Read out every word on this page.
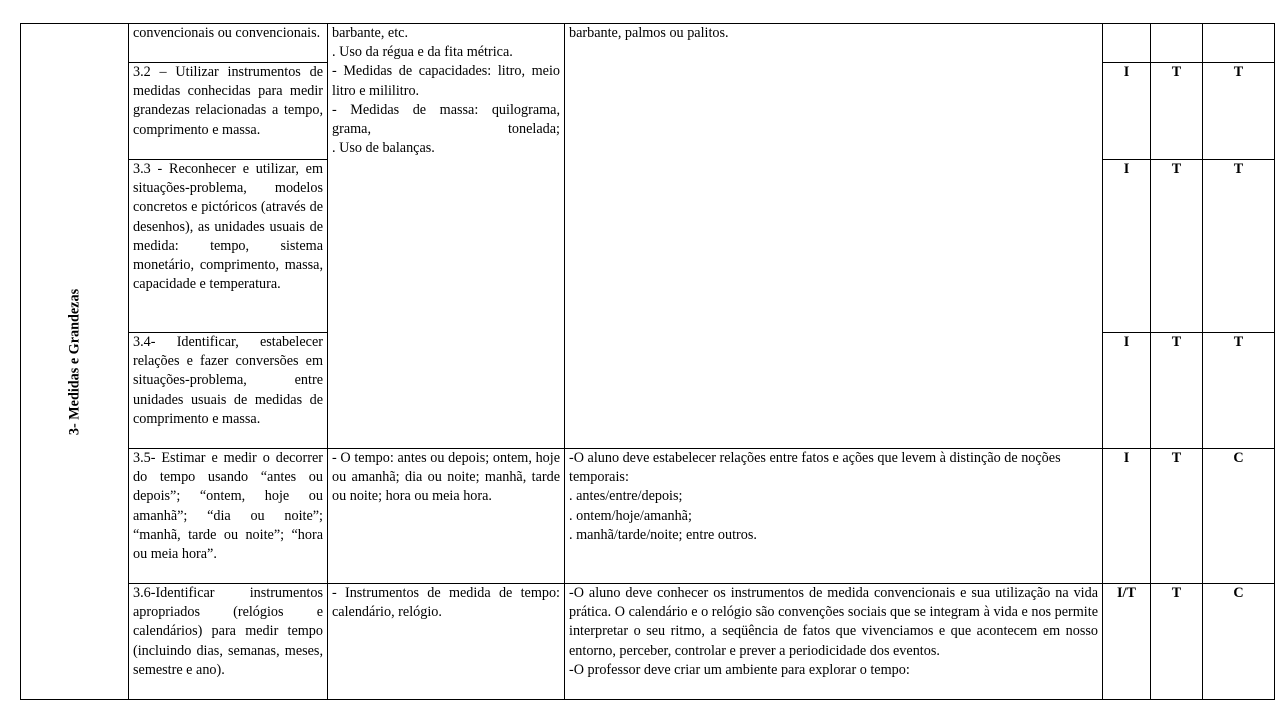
3- Medidas e Grandezas	convencionais ou convencionais.	barbante, etc.
. Uso da régua e da fita métrica.
- Medidas de capacidades: litro, meio litro e mililitro.
- Medidas de massa: quilograma, grama, tonelada;
. Uso de balanças.	barbante, palmos ou palitos.			

	3.2 – Utilizar instrumentos de medidas conhecidas para medir grandezas relacionadas a tempo, comprimento e massa.			I	T	T
	3.3 - Reconhecer e utilizar, em situações-problema, modelos concretos e pictóricos (através de desenhos), as unidades usuais de medida: tempo, sistema monetário, comprimento, massa, capacidade e temperatura.			I	T	T
	3.4- Identificar, estabelecer relações e fazer conversões em situações-problema, entre unidades usuais de medidas de comprimento e massa.			I	T	T
	3.5- Estimar e medir o decorrer do tempo usando “antes ou depois”; “ontem, hoje ou amanhã”; “dia ou noite”; “manhã, tarde ou noite”; “hora ou meia hora”.	- O tempo: antes ou depois; ontem, hoje ou amanhã; dia ou noite; manhã, tarde ou noite; hora ou meia hora.	-O aluno deve estabelecer relações entre fatos e ações que levem à distinção de noções temporais:
. antes/entre/depois;
. ontem/hoje/amanhã;
. manhã/tarde/noite; entre outros.	I	T	C
	3.6-Identificar instrumentos apropriados (relógios e calendários) para medir tempo (incluindo dias, semanas, meses, semestre e ano).	- Instrumentos de medida de tempo: calendário, relógio.	-O aluno deve conhecer os instrumentos de medida convencionais e sua utilização na vida prática. O calendário e o relógio são convenções sociais que se integram à vida e nos permite interpretar o seu ritmo, a seqüência de fatos que vivenciamos e que acontecem em nosso entorno, perceber, controlar e prever a periodicidade dos eventos.
-O professor deve criar um ambiente para explorar o tempo:	I/T	T	C
